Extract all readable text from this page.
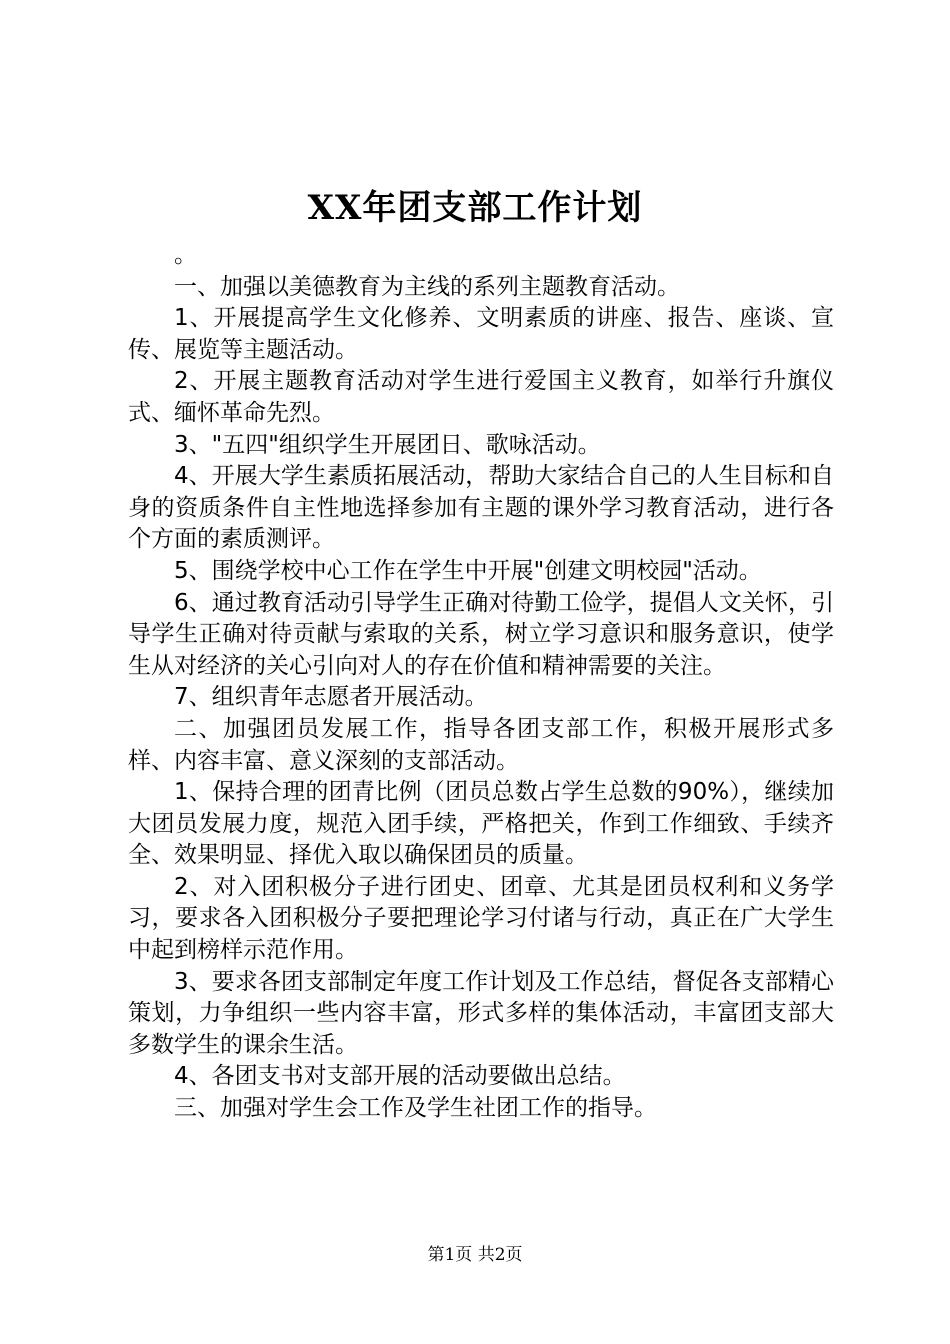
XX年团支部工作计划

。

一、加强以美德教育为主线的系列主题教育活动。

1、开展提高学生文化修养、文明素质的讲座、报告、座谈、宣传、展览等主题活动。

2、开展主题教育活动对学生进行爱国主义教育，如举行升旗仪式、缅怀革命先烈。

3、"五四"组织学生开展团日、歌咏活动。

4、开展大学生素质拓展活动，帮助大家结合自己的人生目标和自身的资质条件自主性地选择参加有主题的课外学习教育活动，进行各个方面的素质测评。

5、围绕学校中心工作在学生中开展"创建文明校园"活动。

6、通过教育活动引导学生正确对待勤工俭学，提倡人文关怀，引导学生正确对待贡献与索取的关系，树立学习意识和服务意识，使学生从对经济的关心引向对人的存在价值和精神需要的关注。

7、组织青年志愿者开展活动。

二、加强团员发展工作，指导各团支部工作，积极开展形式多样、内容丰富、意义深刻的支部活动。

1、保持合理的团青比例（团员总数占学生总数的90%），继续加大团员发展力度，规范入团手续，严格把关，作到工作细致、手续齐全、效果明显、择优入取以确保团员的质量。

2、对入团积极分子进行团史、团章、尤其是团员权利和义务学习，要求各入团积极分子要把理论学习付诸与行动，真正在广大学生中起到榜样示范作用。

3、要求各团支部制定年度工作计划及工作总结，督促各支部精心策划，力争组织一些内容丰富，形式多样的集体活动，丰富团支部大多数学生的课余生活。

4、各团支书对支部开展的活动要做出总结。

三、加强对学生会工作及学生社团工作的指导。

第1页 共2页
